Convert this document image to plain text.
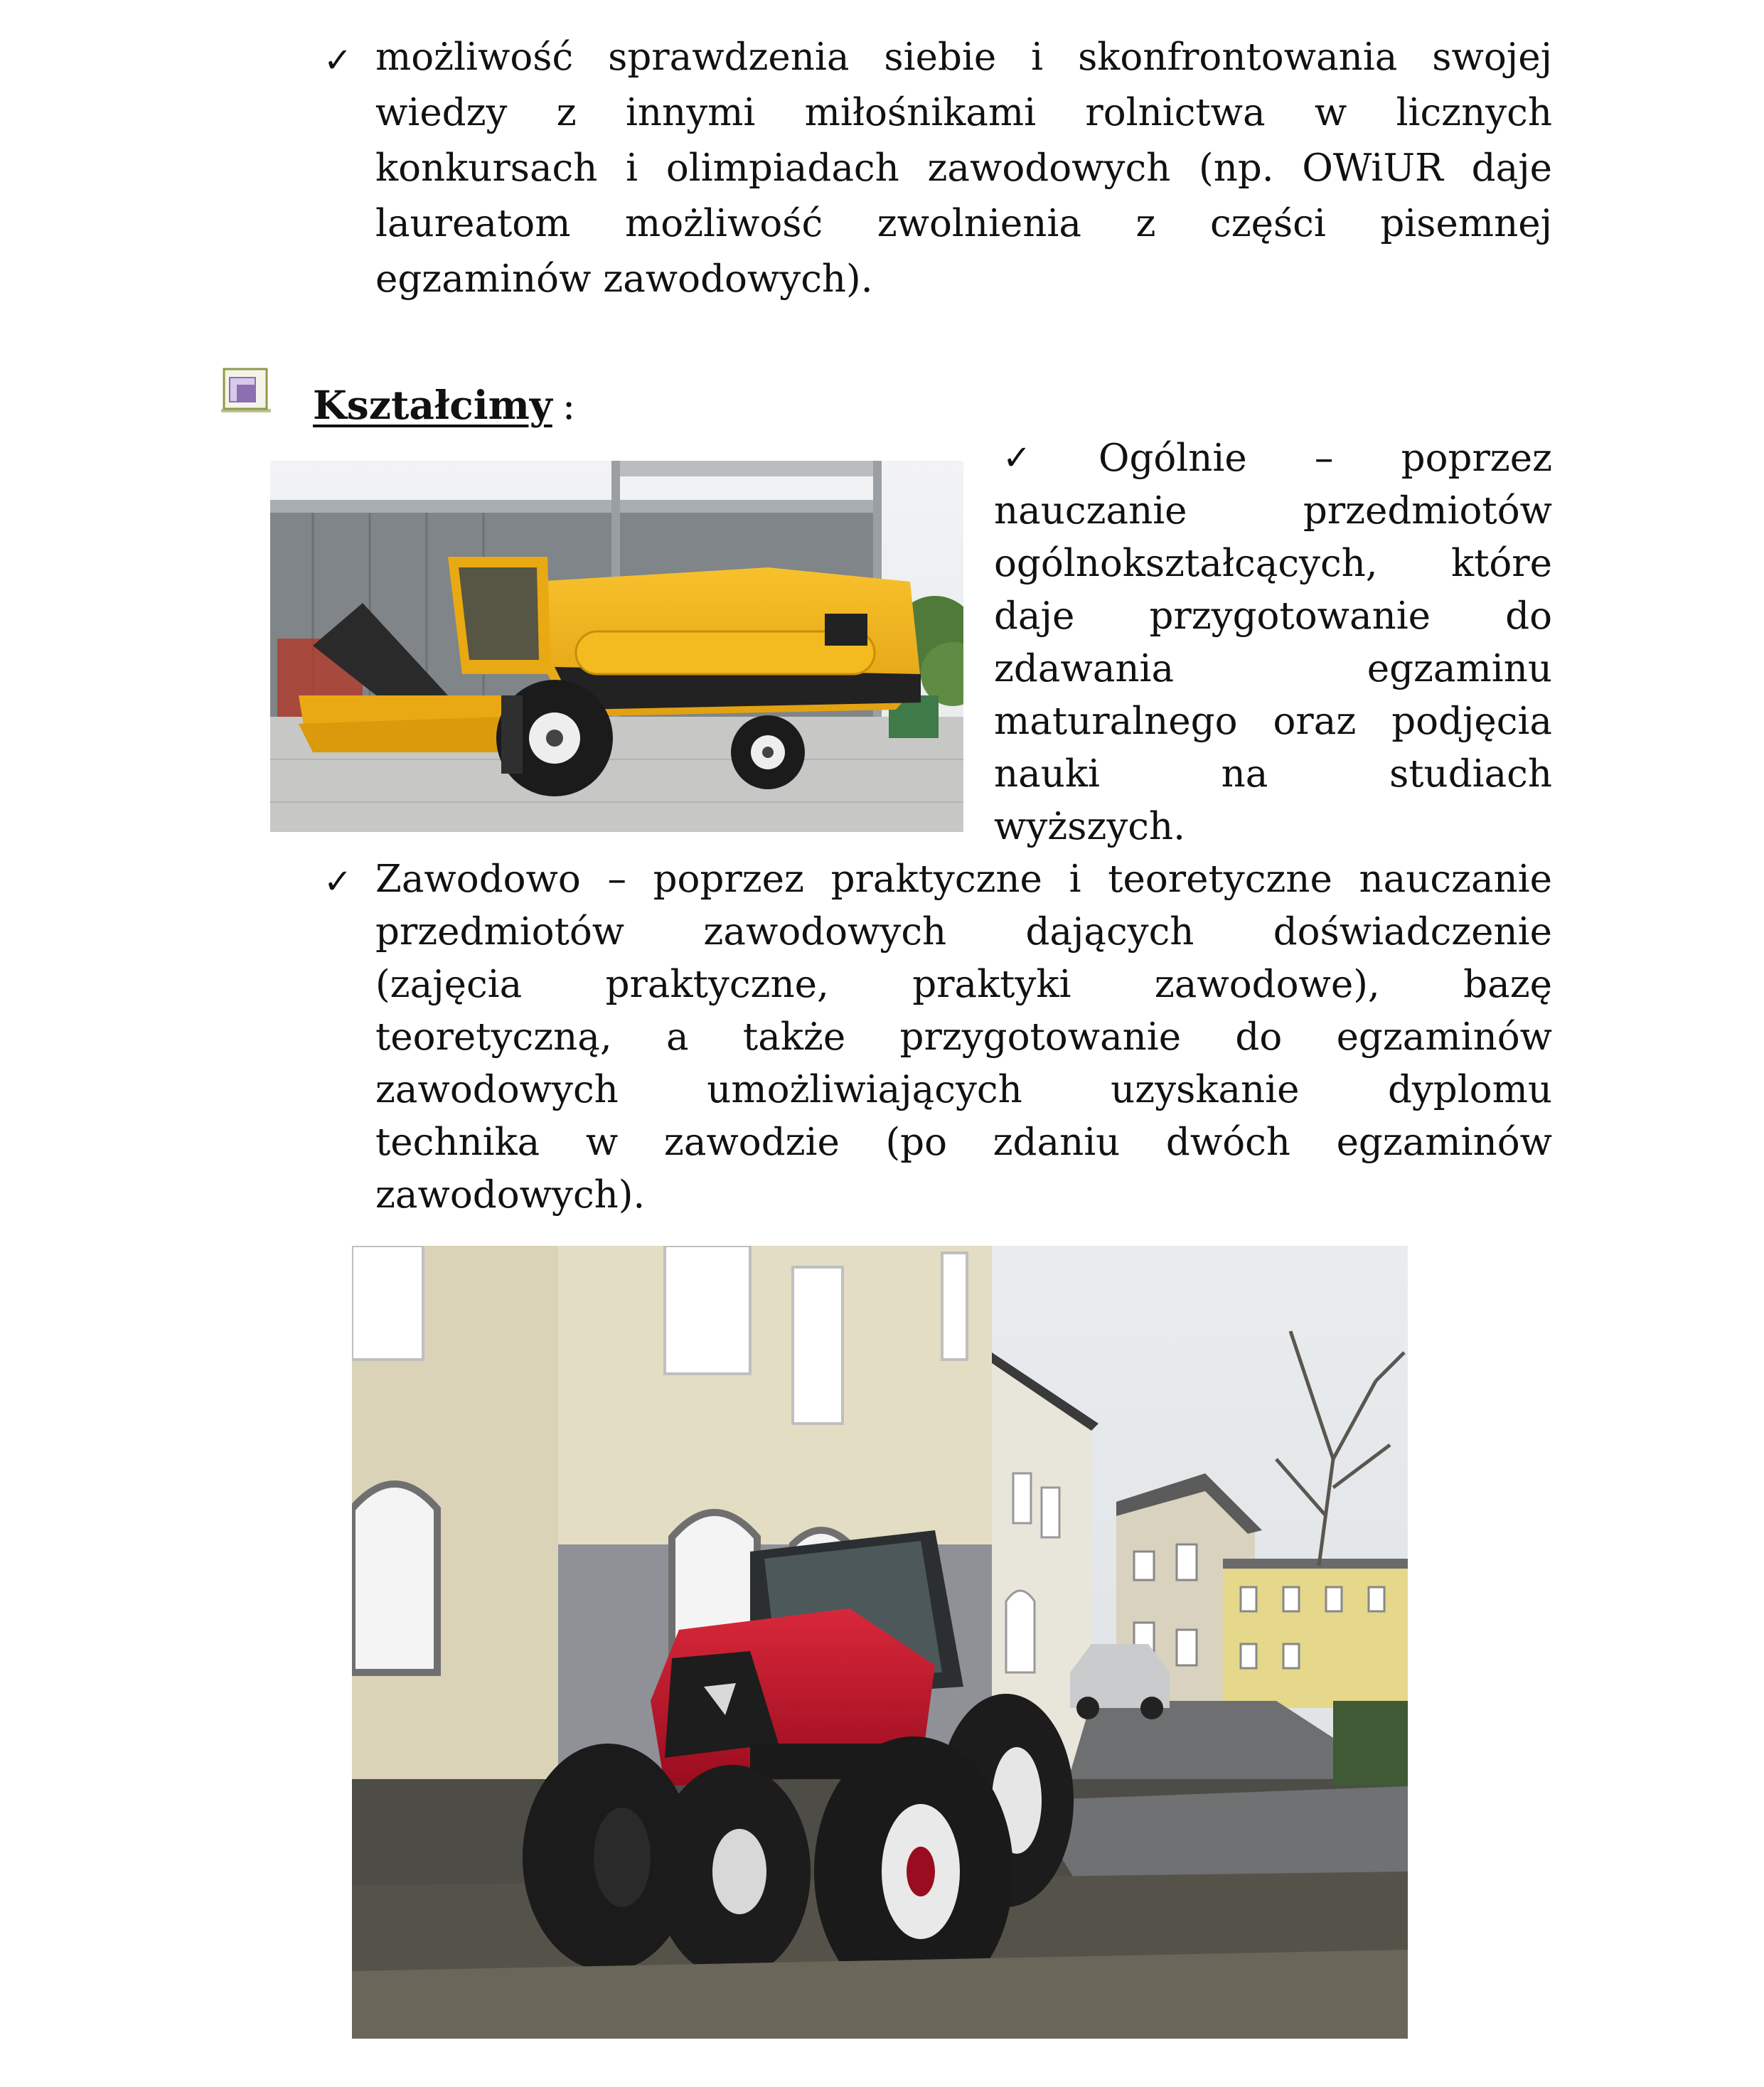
✓ możliwość sprawdzenia siebie i skonfrontowania swojej
wiedzy z innymi miłośnikami rolnictwa w licznych
konkursach i olimpiadach zawodowych (np. OWiUR daje
laureatom możliwość zwolnienia z części pisemnej
egzaminów zawodowych).

Kształcimy :
✓	Ogólnie – poprzez
nauczanie przedmiotów
ogólnokształcących, które
daje przygotowanie do
zdawania egzaminu
maturalnego oraz podjęcia
nauki na studiach
wyższych.

✓ Zawodowo – poprzez praktyczne i teoretyczne nauczanie
przedmiotów zawodowych dających doświadczenie
(zajęcia praktyczne, praktyki zawodowe), bazę
teoretyczną, a także przygotowanie do egzaminów
zawodowych umożliwiających uzyskanie dyplomu
technika w zawodzie (po zdaniu dwóch egzaminów
zawodowych).
